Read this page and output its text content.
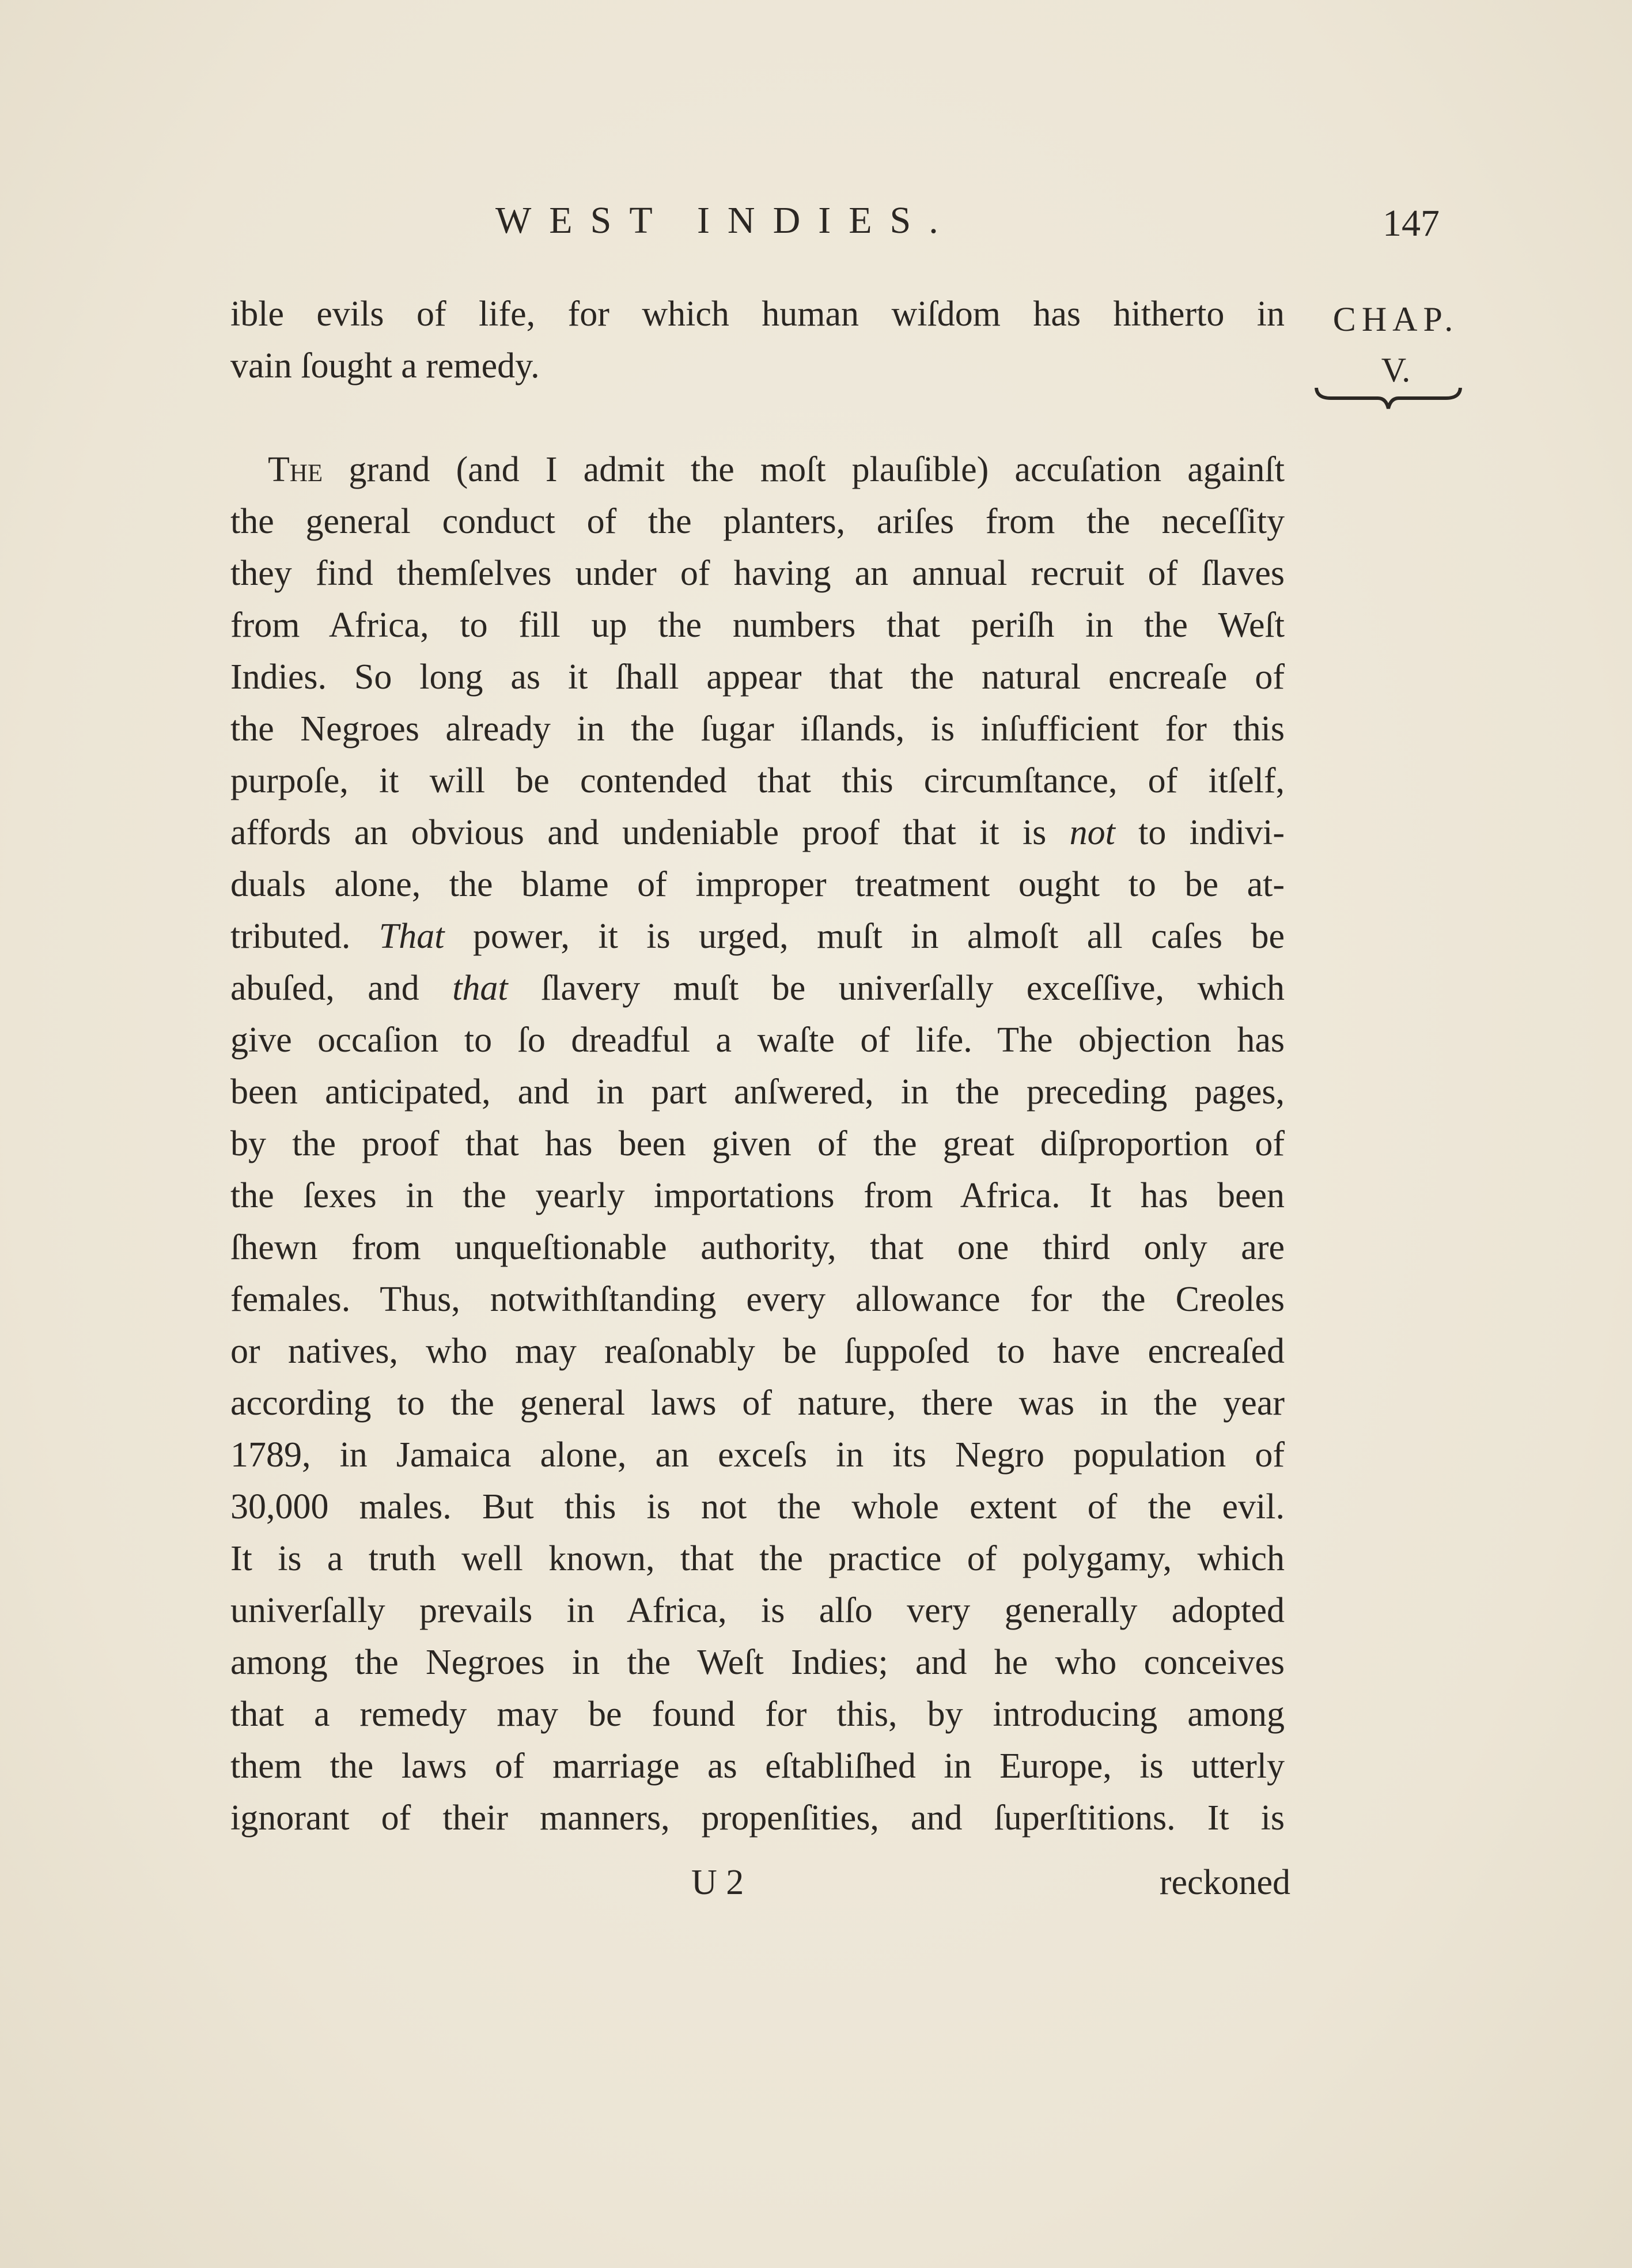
WEST INDIES.	147
CHAP.
V.
ible evils of life, for which human wiſdom has hitherto in
vain ſought a remedy.
The grand (and I admit the moſt plauſible) accuſation againſt
the general conduct of the planters, ariſes from the neceſſity
they find themſelves under of having an annual recruit of ſlaves
from Africa, to fill up the numbers that periſh in the Weſt
Indies. So long as it ſhall appear that the natural encreaſe of
the Negroes already in the ſugar iſlands, is inſufficient for this
purpoſe, it will be contended that this circumſtance, of itſelf,
affords an obvious and undeniable proof that it is not to indivi-
duals alone, the blame of improper treatment ought to be at-
tributed. That power, it is urged, muſt in almoſt all caſes be
abuſed, and that ſlavery muſt be univerſally exceſſive, which
give occaſion to ſo dreadful a waſte of life. The objection has
been anticipated, and in part anſwered, in the preceding pages,
by the proof that has been given of the great diſproportion of
the ſexes in the yearly importations from Africa. It has been
ſhewn from unqueſtionable authority, that one third only are
females. Thus, notwithſtanding every allowance for the Creoles
or natives, who may reaſonably be ſuppoſed to have encreaſed
according to the general laws of nature, there was in the year
1789, in Jamaica alone, an exceſs in its Negro population of
30,000 males. But this is not the whole extent of the evil.
It is a truth well known, that the practice of polygamy, which
univerſally prevails in Africa, is alſo very generally adopted
among the Negroes in the Weſt Indies; and he who conceives
that a remedy may be found for this, by introducing among
them the laws of marriage as eſtabliſhed in Europe, is utterly
ignorant of their manners, propenſities, and ſuperſtitions. It is
U 2	reckoned
